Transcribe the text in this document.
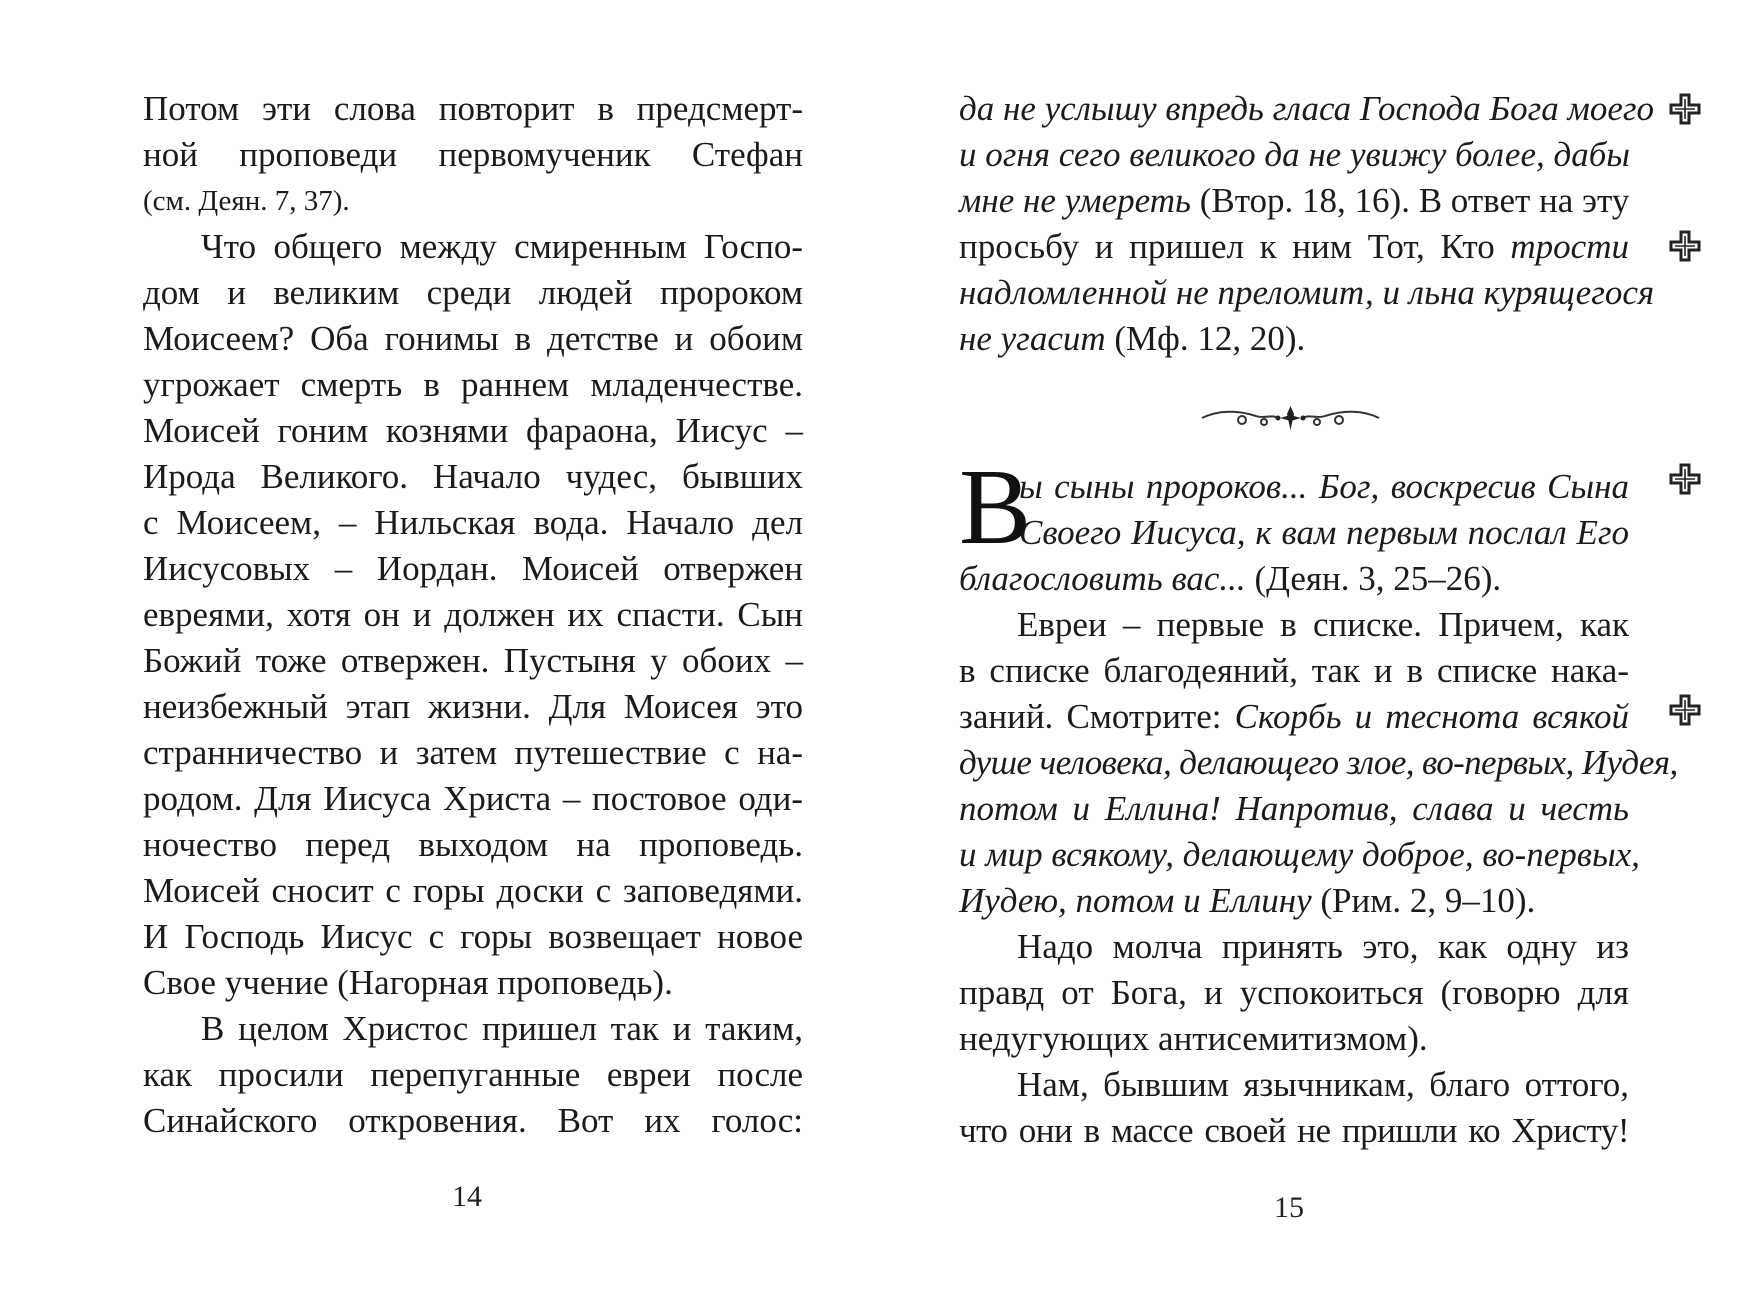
Потом эти слова повторит в предсмерт-
ной проповеди первомученик Стефан
(см. Деян. 7, 37).
Что общего между смиренным Госпо-
дом и великим среди людей пророком
Моисеем? Оба гонимы в детстве и обоим
угрожает смерть в раннем младенчестве.
Моисей гоним кознями фараона, Иисус –
Ирода Великого. Начало чудес, бывших
с Моисеем, – Нильская вода. Начало дел
Иисусовых – Иордан. Моисей отвержен
евреями, хотя он и должен их спасти. Сын
Божий тоже отвержен. Пустыня у обоих –
неизбежный этап жизни. Для Моисея это
странничество и затем путешествие с на-
родом. Для Иисуса Христа – постовое оди-
ночество перед выходом на проповедь.
Моисей сносит с горы доски с заповедями.
И Господь Иисус с горы возвещает новое
Свое учение (Нагорная проповедь).
В целом Христос пришел так и таким,
как просили перепуганные евреи после
Синайского откровения. Вот их голос:
14
да не услышу впредь гласа Господа Бога моего
и огня сего великого да не увижу более, дабы
мне не умереть (Втор. 18, 16). В ответ на эту
просьбу и пришел к ним Тот, Кто трости
надломленной не преломит, и льна курящегося
не угасит (Мф. 12, 20).
В
ы сыны пророков... Бог, воскресив Сына
Своего Иисуса, к вам первым послал Его
благословить вас... (Деян. 3, 25–26).
Евреи – первые в списке. Причем, как
в списке благодеяний, так и в списке нака-
заний. Смотрите: Скорбь и теснота всякой
душе человека, делающего злое, во-первых, Иудея,
потом и Еллина! Напротив, слава и честь
и мир всякому, делающему доброе, во-первых,
Иудею, потом и Еллину (Рим. 2, 9–10).
Надо молча принять это, как одну из
правд от Бога, и успокоиться (говорю для
недугующих антисемитизмом).
Нам, бывшим язычникам, благо оттого,
что они в массе своей не пришли ко Христу!
15
